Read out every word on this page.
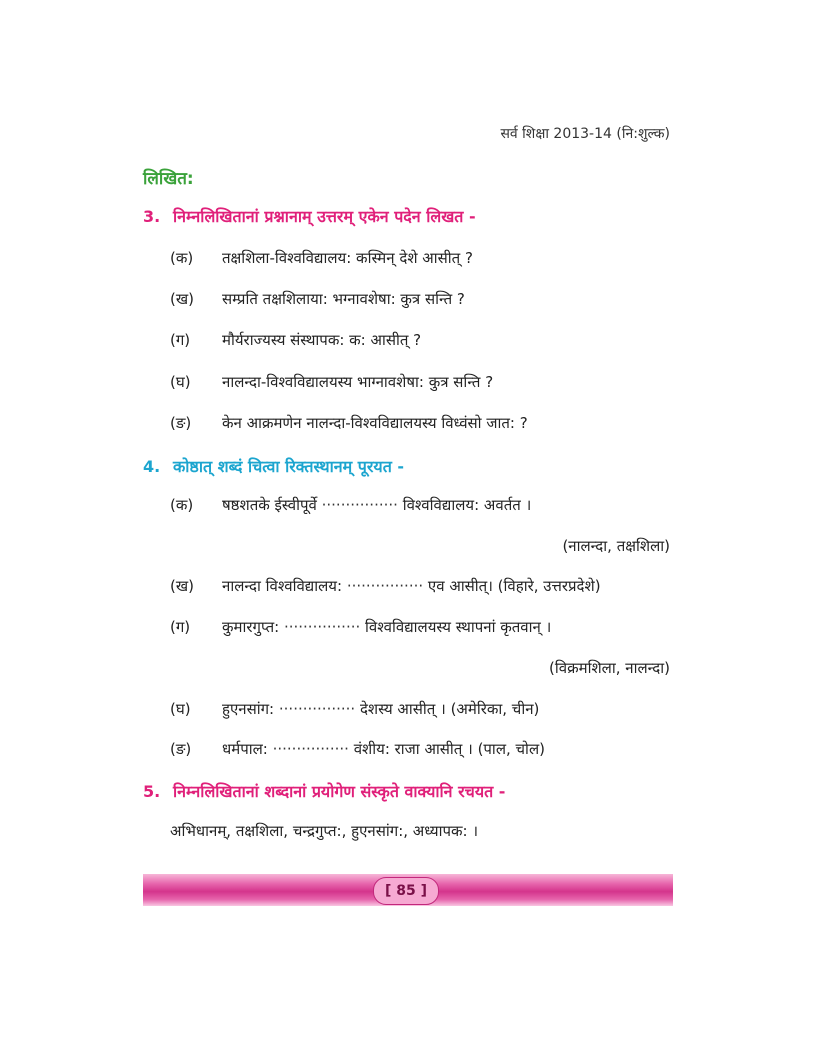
सर्व शिक्षा 2013-14 (नि:शुल्क)
लिखित:
3. निम्नलिखितानां प्रश्नानाम् उत्तरम् एकेन पदेन लिखत -
(क) तक्षशिला-विश्वविद्यालय: कस्मिन् देशे आसीत् ?
(ख) सम्प्रति तक्षशिलाया: भग्नावशेषा: कुत्र सन्ति ?
(ग) मौर्यराज्यस्य संस्थापक: क: आसीत् ?
(घ) नालन्दा-विश्वविद्यालयस्य भाग्नावशेषा: कुत्र सन्ति ?
(ङ) केन आक्रमणेन नालन्दा-विश्वविद्यालयस्य विध्वंसो जात: ?
4. कोष्ठात् शब्दं चित्वा रिक्तस्थानम् पूरयत -
(क) षष्ठशतके ईस्वीपूर्वे ················ विश्वविद्यालय: अवर्तत ।
(नालन्दा, तक्षशिला)
(ख) नालन्दा विश्वविद्यालय: ················ एव आसीत्। (विहारे, उत्तरप्रदेशे)
(ग) कुमारगुप्त: ················ विश्वविद्यालयस्य स्थापनां कृतवान् ।
(विक्रमशिला, नालन्दा)
(घ) हुएनसांग: ················ देशस्य आसीत् । (अमेरिका, चीन)
(ङ) धर्मपाल: ················ वंशीय: राजा आसीत् । (पाल, चोल)
5. निम्नलिखितानां शब्दानां प्रयोगेण संस्कृते वाक्यानि रचयत -
अभिधानम्, तक्षशिला, चन्द्रगुप्त:, हुएनसांग:, अध्यापक: ।
[ 85 ]
